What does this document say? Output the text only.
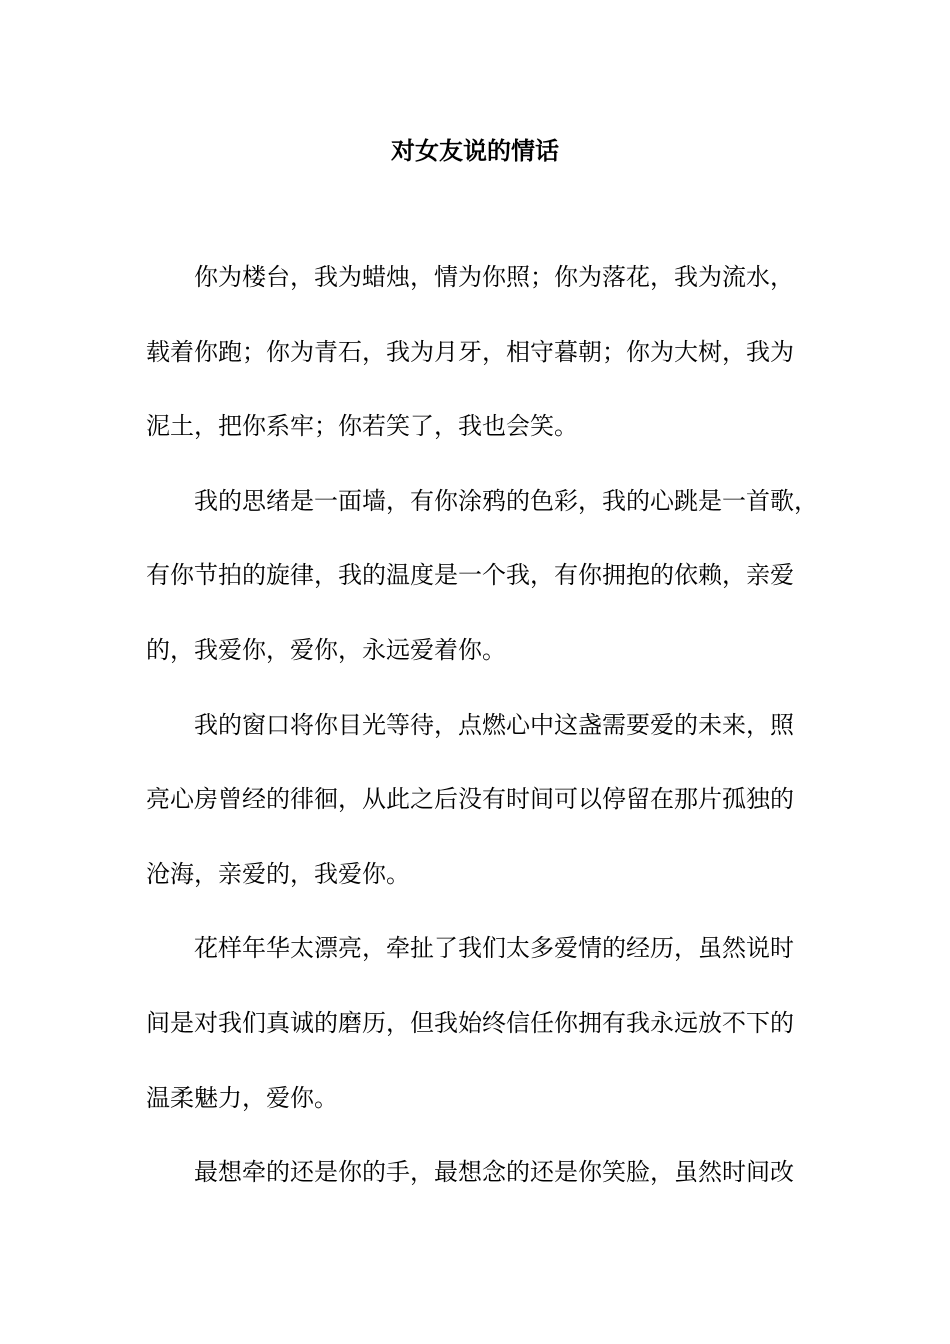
对女友说的情话

你为楼台，我为蜡烛，情为你照；你为落花，我为流水，

载着你跑；你为青石，我为月牙，相守暮朝；你为大树，我为

泥土，把你系牢；你若笑了，我也会笑。

我的思绪是一面墙，有你涂鸦的色彩，我的心跳是一首歌，

有你节拍的旋律，我的温度是一个我，有你拥抱的依赖，亲爱

的，我爱你，爱你，永远爱着你。

我的窗口将你目光等待，点燃心中这盏需要爱的未来，照

亮心房曾经的徘徊，从此之后没有时间可以停留在那片孤独的

沧海，亲爱的，我爱你。

花样年华太漂亮，牵扯了我们太多爱情的经历，虽然说时

间是对我们真诚的磨历，但我始终信任你拥有我永远放不下的

温柔魅力，爱你。

最想牵的还是你的手，最想念的还是你笑脸，虽然时间改
